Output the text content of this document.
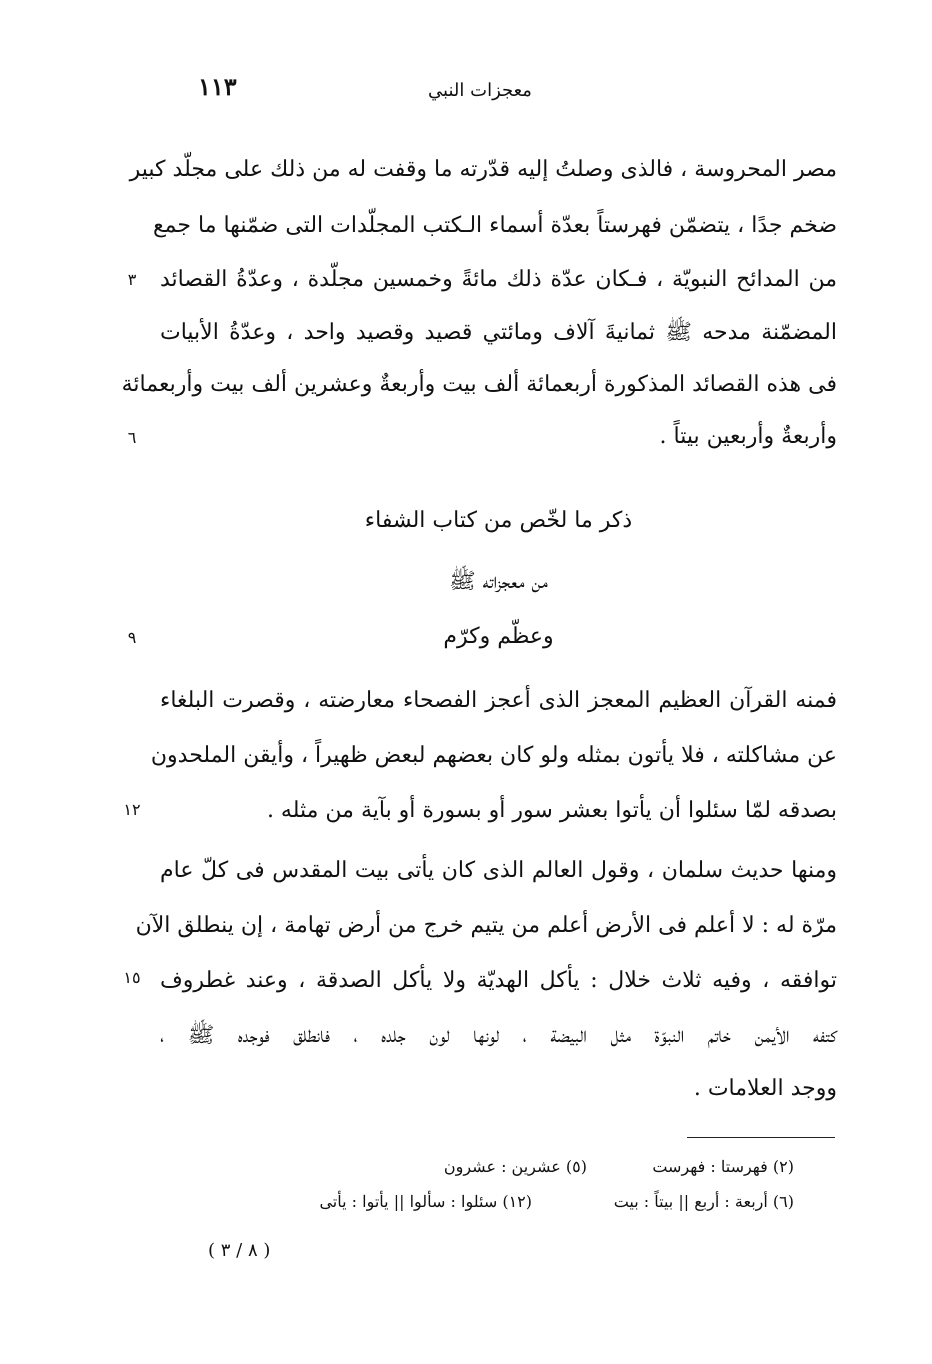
١١٣	معجزات النبي
مصر المحروسة ، فالذى وصلتُ إليه قدّرته ما وقفت له من ذلك على مجلّد كبير
ضخم جدًا ، يتضمّن فهرستاً بعدّة أسماء الـكتب المجلّدات التى ضمّنها ما جمع
من المدائح النبويّة ، فـكان عدّة ذلك مائةً وخمسين مجلّدة ، وعدّةُ القصائد
المضمّنة مدحه ﷺ ثمانيةَ آلاف ومائتي قصيد وقصيد واحد ، وعدّةُ الأبيات
فى هذه القصائد المذكورة أربعمائة ألف بيت وأربعةٌ وعشرين ألف بيت وأربعمائة
وأربعةٌ وأربعين بيتاً .
٣
٦
ذكر ما لخّص من كتاب الشفاء
من معجزاته ﷺ
وعظّم وكرّم
٩
فمنه القرآن العظيم المعجز الذى أعجز الفصحاء معارضته ، وقصرت البلغاء
عن مشاكلته ، فلا يأتون بمثله ولو كان بعضهم لبعض ظهيراً ، وأيقن الملحدون
بصدقه لمّا سئلوا أن يأتوا بعشر سور أو بسورة أو بآية من مثله .
١٢
ومنها حديث سلمان ، وقول العالم الذى كان يأتى بيت المقدس فى كلّ عام
مرّة له : لا أعلم فى الأرض أعلم من يتيم خرج من أرض تهامة ، إن ينطلق الآن
توافقه ، وفيه ثلاث خلال : يأكل الهديّة ولا يأكل الصدقة ، وعند غطروف
كتفه الأيمن خاتم النبوّة مثل البيضة ، لونها لون جلده ، فانطلق فوجده ﷺ ،
ووجد العلامات .
١٥
(٢) فهرستا : فهرست
(٥) عشرين : عشرون
(٦) أربعة : أربع || بيتاً : بيت
(١٢) سئلوا : سألوا || يأتوا : يأتى
( ٨ / ٣ )
